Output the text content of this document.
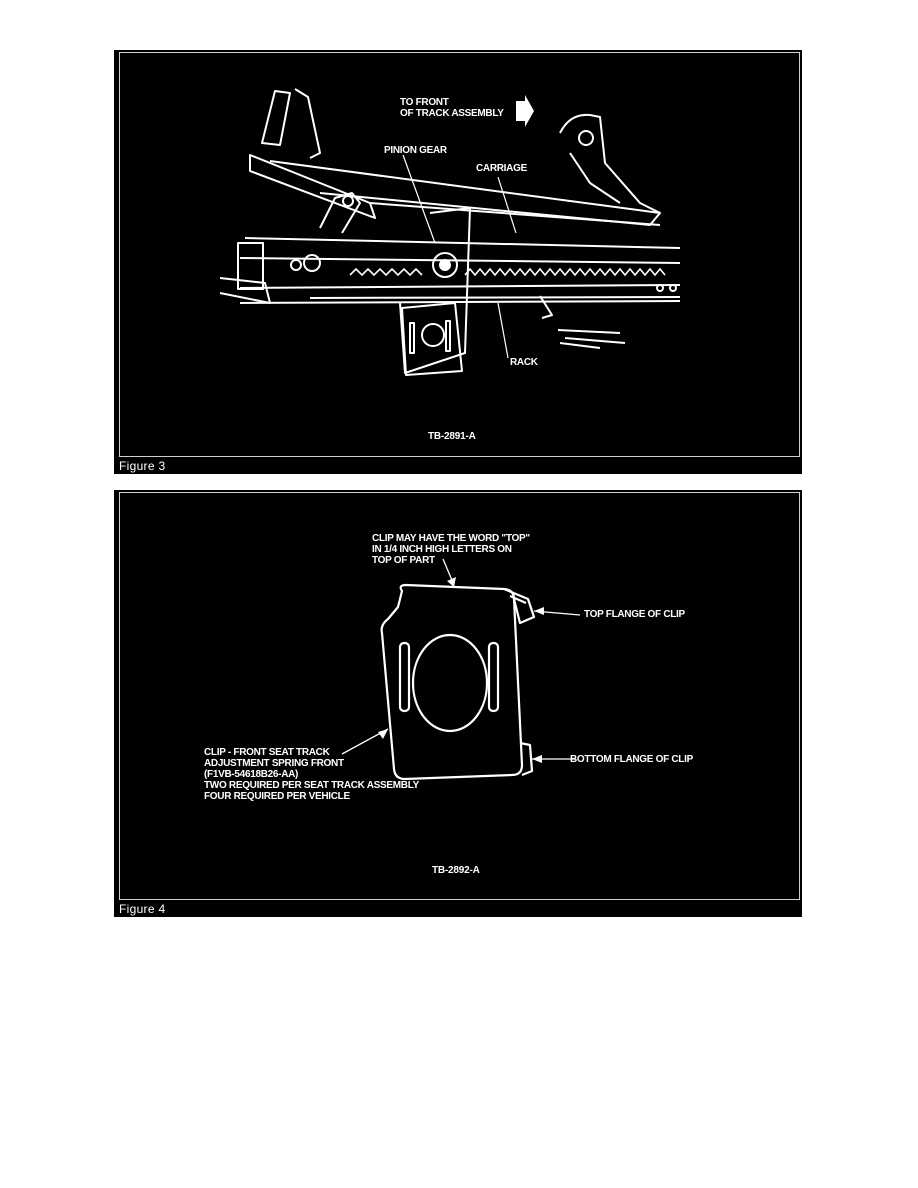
TO FRONT
OF TRACK ASSEMBLY
PINION GEAR
CARRIAGE
RACK
TB-2891-A
Figure 3
CLIP MAY HAVE THE WORD "TOP"
IN 1/4 INCH HIGH LETTERS ON
TOP OF PART
TOP FLANGE OF CLIP
BOTTOM FLANGE OF CLIP
CLIP - FRONT SEAT TRACK
ADJUSTMENT SPRING FRONT
(F1VB-54618B26-AA)
TWO REQUIRED PER SEAT TRACK ASSEMBLY
FOUR REQUIRED PER VEHICLE
TB-2892-A
Figure 4
